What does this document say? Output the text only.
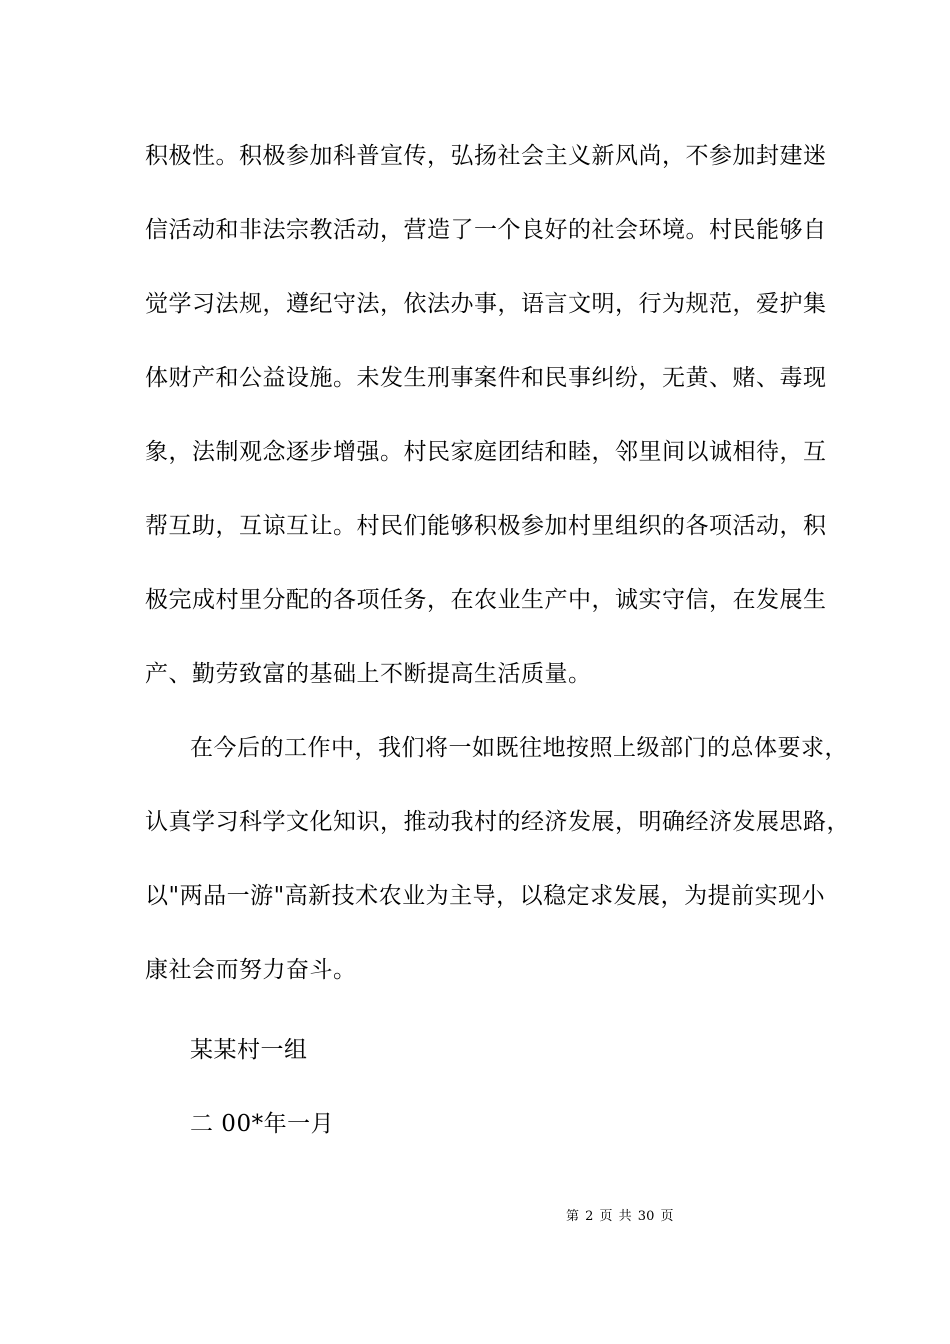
积极性。积极参加科普宣传，弘扬社会主义新风尚，不参加封建迷
信活动和非法宗教活动，营造了一个良好的社会环境。村民能够自
觉学习法规，遵纪守法，依法办事，语言文明，行为规范，爱护集
体财产和公益设施。未发生刑事案件和民事纠纷，无黄、赌、毒现
象，法制观念逐步增强。村民家庭团结和睦，邻里间以诚相待，互
帮互助，互谅互让。村民们能够积极参加村里组织的各项活动，积
极完成村里分配的各项任务，在农业生产中，诚实守信，在发展生
产、勤劳致富的基础上不断提高生活质量。
在今后的工作中，我们将一如既往地按照上级部门的总体要求，
认真学习科学文化知识，推动我村的经济发展，明确经济发展思路，
以"两品一游"高新技术农业为主导，以稳定求发展，为提前实现小
康社会而努力奋斗。
某某村一组
二 00*年一月
第 2 页 共 30 页
